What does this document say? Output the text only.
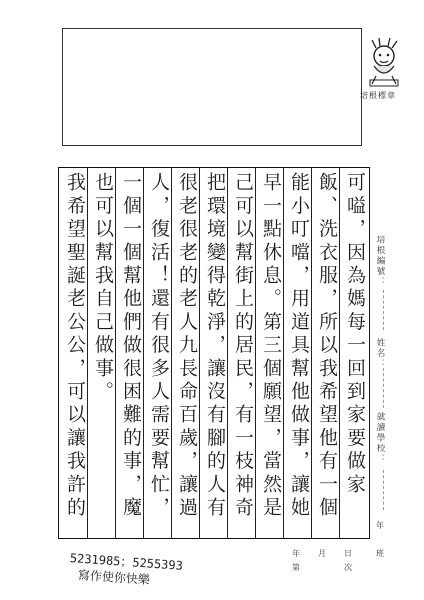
培根標章
培根編號：
姓名：
就讀學校：
年
班
可嗌，因為媽每一回到家要做家
飯、洗衣服，所以我希望他有一個
能小叮噹，用道具幫他做事，讓她
早一點休息。第三個願望，當然是
己可以幫街上的居民，有一枝神奇
把環境變得乾淨，讓沒有腳的人有
很老很老的老人九長命百歲，讓過
人，復活！還有很多人需要幫忙，
一個一個幫他們做很困難的事，魔
也可以幫我自己做事。
我希望聖誕老公公，可以讓我許的
年 月 日
第	次
5231985；5255393
寫作使你快樂
